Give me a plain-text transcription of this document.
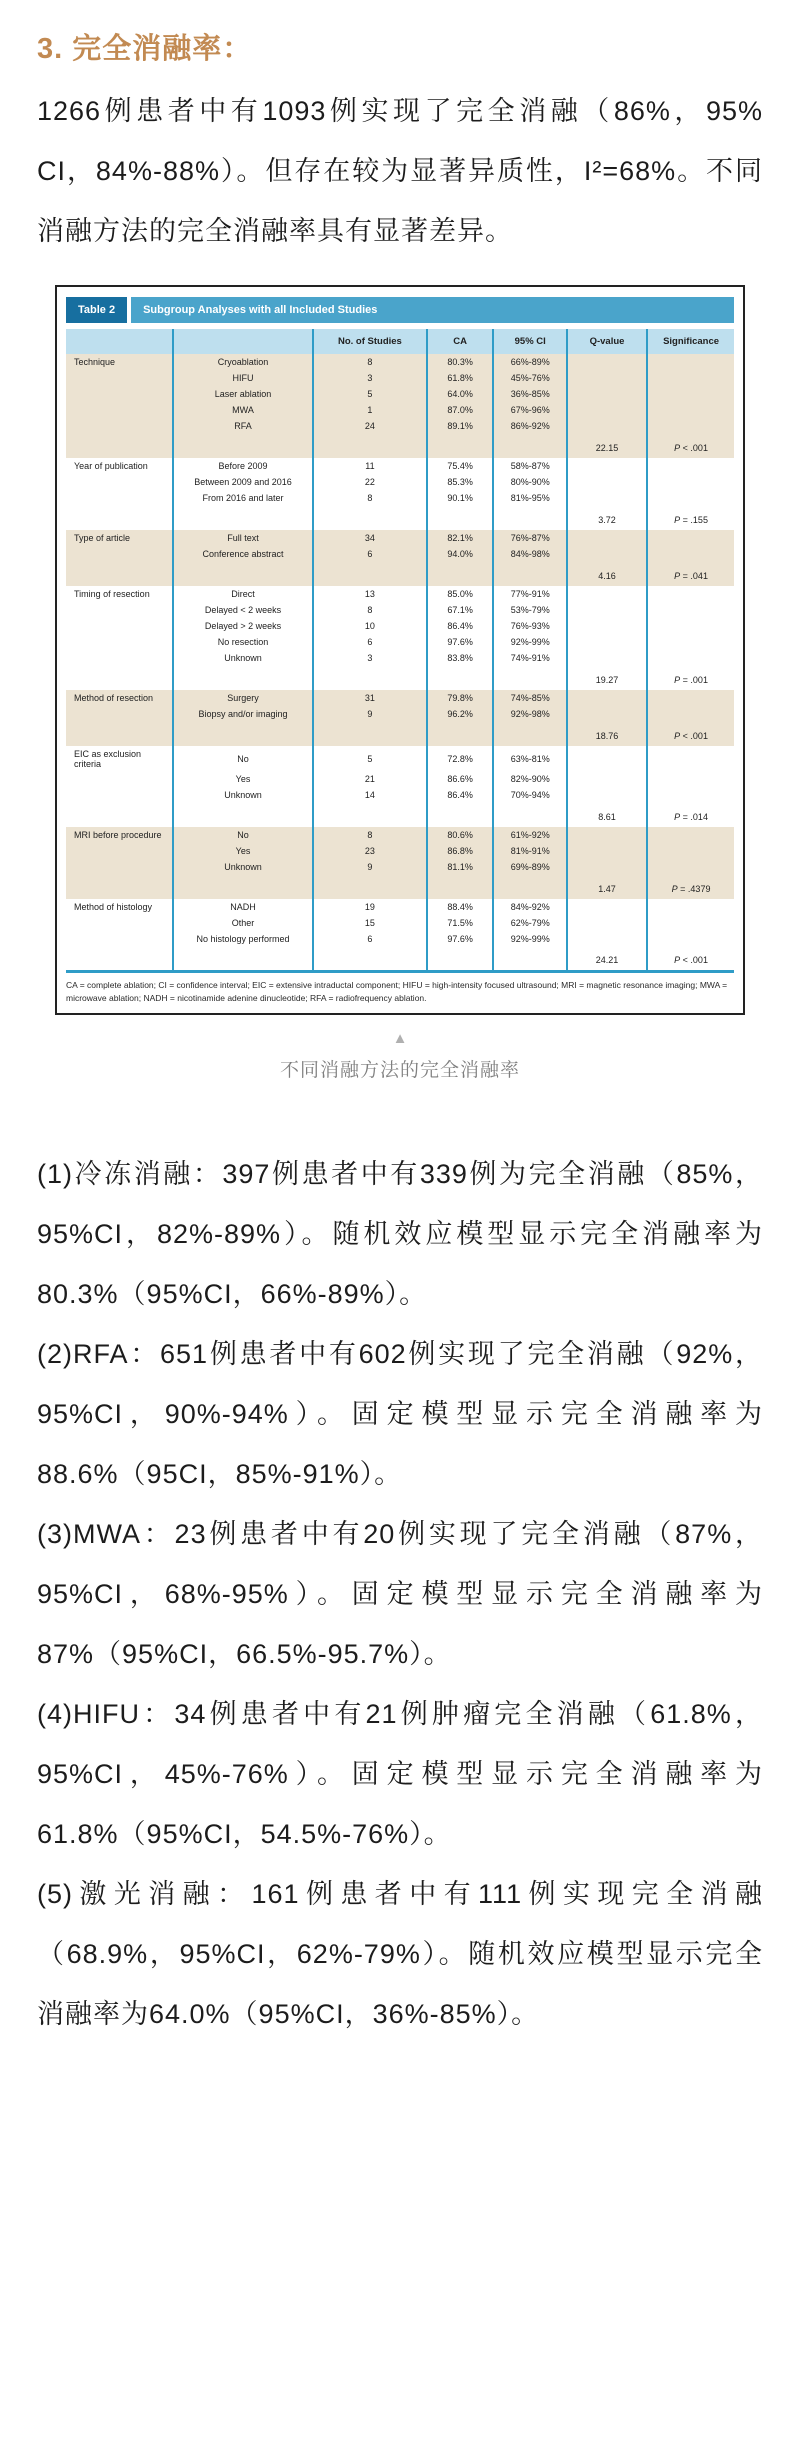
3. 完全消融率：
1266例患者中有1093例实现了完全消融（86%，95% CI，84%-88%）。但存在较为显著异质性，I²=68%。不同消融方法的完全消融率具有显著差异。
Table 2	Subgroup Analyses with all Included Studies
		No. of Studies	CA	95% CI	Q-value	Significance
Technique	Cryoablation	8	80.3%	66%-89%		
	HIFU	3	61.8%	45%-76%		
	Laser ablation	5	64.0%	36%-85%		
	MWA	1	87.0%	67%-96%		
	RFA	24	89.1%	86%-92%		
					22.15	P < .001
Year of publication	Before 2009	11	75.4%	58%-87%		
	Between 2009 and 2016	22	85.3%	80%-90%		
	From 2016 and later	8	90.1%	81%-95%		
					3.72	P = .155
Type of article	Full text	34	82.1%	76%-87%		
	Conference abstract	6	94.0%	84%-98%		
					4.16	P = .041
Timing of resection	Direct	13	85.0%	77%-91%		
	Delayed < 2 weeks	8	67.1%	53%-79%		
	Delayed > 2 weeks	10	86.4%	76%-93%		
	No resection	6	97.6%	92%-99%		
	Unknown	3	83.8%	74%-91%		
					19.27	P = .001
Method of resection	Surgery	31	79.8%	74%-85%		
	Biopsy and/or imaging	9	96.2%	92%-98%		
					18.76	P < .001
EIC as exclusion criteria	No	5	72.8%	63%-81%		
	Yes	21	86.6%	82%-90%		
	Unknown	14	86.4%	70%-94%		
					8.61	P = .014
MRI before procedure	No	8	80.6%	61%-92%		
	Yes	23	86.8%	81%-91%		
	Unknown	9	81.1%	69%-89%		
					1.47	P = .4379
Method of histology	NADH	19	88.4%	84%-92%		
	Other	15	71.5%	62%-79%		
	No histology performed	6	97.6%	92%-99%		
					24.21	P < .001
CA = complete ablation; CI = confidence interval; EIC = extensive intraductal component; HIFU = high-intensity focused ultrasound; MRI = magnetic resonance imaging; MWA = microwave ablation; NADH = nicotinamide adenine dinucleotide; RFA = radiofrequency ablation.
▲
不同消融方法的完全消融率
(1)冷冻消融：397例患者中有339例为完全消融（85%，95%CI，82%-89%）。随机效应模型显示完全消融率为80.3%（95%CI，66%-89%）。
(2)RFA：651例患者中有602例实现了完全消融（92%，95%CI，90%-94%）。固定模型显示完全消融率为88.6%（95CI，85%-91%）。
(3)MWA：23例患者中有20例实现了完全消融（87%，95%CI，68%-95%）。固定模型显示完全消融率为87%（95%CI，66.5%-95.7%）。
(4)HIFU：34例患者中有21例肿瘤完全消融（61.8%，95%CI，45%-76%）。固定模型显示完全消融率为61.8%（95%CI，54.5%-76%）。
(5)激光消融：161例患者中有111例实现完全消融（68.9%，95%CI，62%-79%）。随机效应模型显示完全消融率为64.0%（95%CI，36%-85%）。
